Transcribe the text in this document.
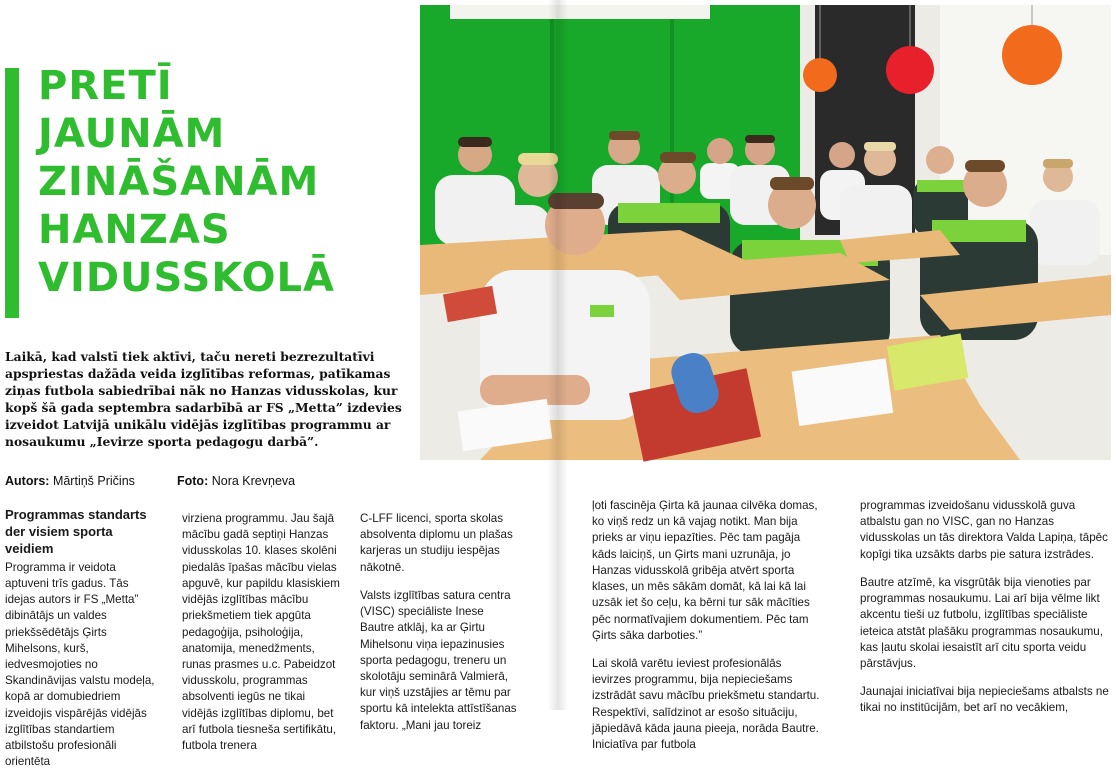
PRETĪ
JAUNĀM
ZINĀŠANĀM
HANZAS
VIDUSSKOLĀ

Laikā, kad valstī tiek aktīvi, taču nereti bezrezultatīvi apspriestas dažāda veida izglītības reformas, patīkamas ziņas futbola sabiedrībai nāk no Hanzas vidusskolas, kur kopš šā gada septembra sadarbībā ar FS „Metta” izdevies izveidot Latvijā unikālu vidējās izglītības programmu ar nosaukumu „Ievirze sporta pedagogu darbā”.

Autors: Mārtiņš Pričins	Foto: Nora Krevņeva
Programmas standarts der visiem sporta veidiem

Programma ir veidota aptuveni trīs gadus. Tās idejas autors ir FS „Metta” dibinātājs un valdes priekšsēdētājs Ģirts Mihelsons, kurš, iedvesmojoties no Skandināvijas valstu modeļa, kopā ar domubiedriem izveidojis vispārējās vidējās izglītības standartiem atbilstošu profesionāli orientēta

virziena programmu. Jau šajā mācību gadā septiņi Hanzas vidusskolas 10. klases skolēni piedalās īpašas mācību vielas apguvē, kur papildu klasiskiem vidējās izglītības mācību priekšmetiem tiek apgūta pedagoģija, psiholoģija, anatomija, menedžments, runas prasmes u.c. Pabeidzot vidusskolu, programmas absolventi iegūs ne tikai vidējās izglītības diplomu, bet arī futbola tiesneša sertifikātu, futbola trenera

C-LFF licenci, sporta skolas absolventa diplomu un plašas karjeras un studiju iespējas nākotnē.

Valsts izglītības satura centra (VISC) speciāliste Inese Bautre atklāj, ka ar Ģirtu Mihelsonu viņa iepazinusies sporta pedagogu, treneru un skolotāju seminārā Valmierā, kur viņš uzstājies ar tēmu par sportu kā intelekta attīstīšanas faktoru. „Mani jau toreiz

ļoti fascinēja Ģirta kā jaunaa cilvēka domas, ko viņš redz un kā vajag notikt. Man bija prieks ar viņu iepazīties. Pēc tam pagāja kāds laiciņš, un Ģirts mani uzrunāja, jo Hanzas vidusskolā gribēja atvērt sporta klases, un mēs sākām domāt, kā lai kā lai uzsāk iet šo ceļu, ka bērni tur sāk mācīties pēc normatīvajiem dokumentiem. Pēc tam Ģirts sāka darboties.”

Lai skolā varētu ieviest profesionālās ievirzes programmu, bija nepieciešams izstrādāt savu mācību priekšmetu standartu. Respektīvi, salīdzinot ar esošo situāciju, jāpiedāvā kāda jauna pieeja, norāda Bautre. Iniciatīva par futbola

programmas izveidošanu vidusskolā guva atbalstu gan no VISC, gan no Hanzas vidusskolas un tās direktora Valda Lapiņa, tāpēc kopīgi tika uzsākts darbs pie satura izstrādes.

Bautre atzīmē, ka visgrūtāk bija vienoties par programmas nosaukumu. Lai arī bija vēlme likt akcentu tieši uz futbolu, izglītības speciāliste ieteica atstāt plašāku programmas nosaukumu, kas ļautu skolai iesaistīt arī citu sporta veidu pārstāvjus.

Jaunajai iniciatīvai bija nepieciešams atbalsts ne tikai no institūcijām, bet arī no vecākiem,
